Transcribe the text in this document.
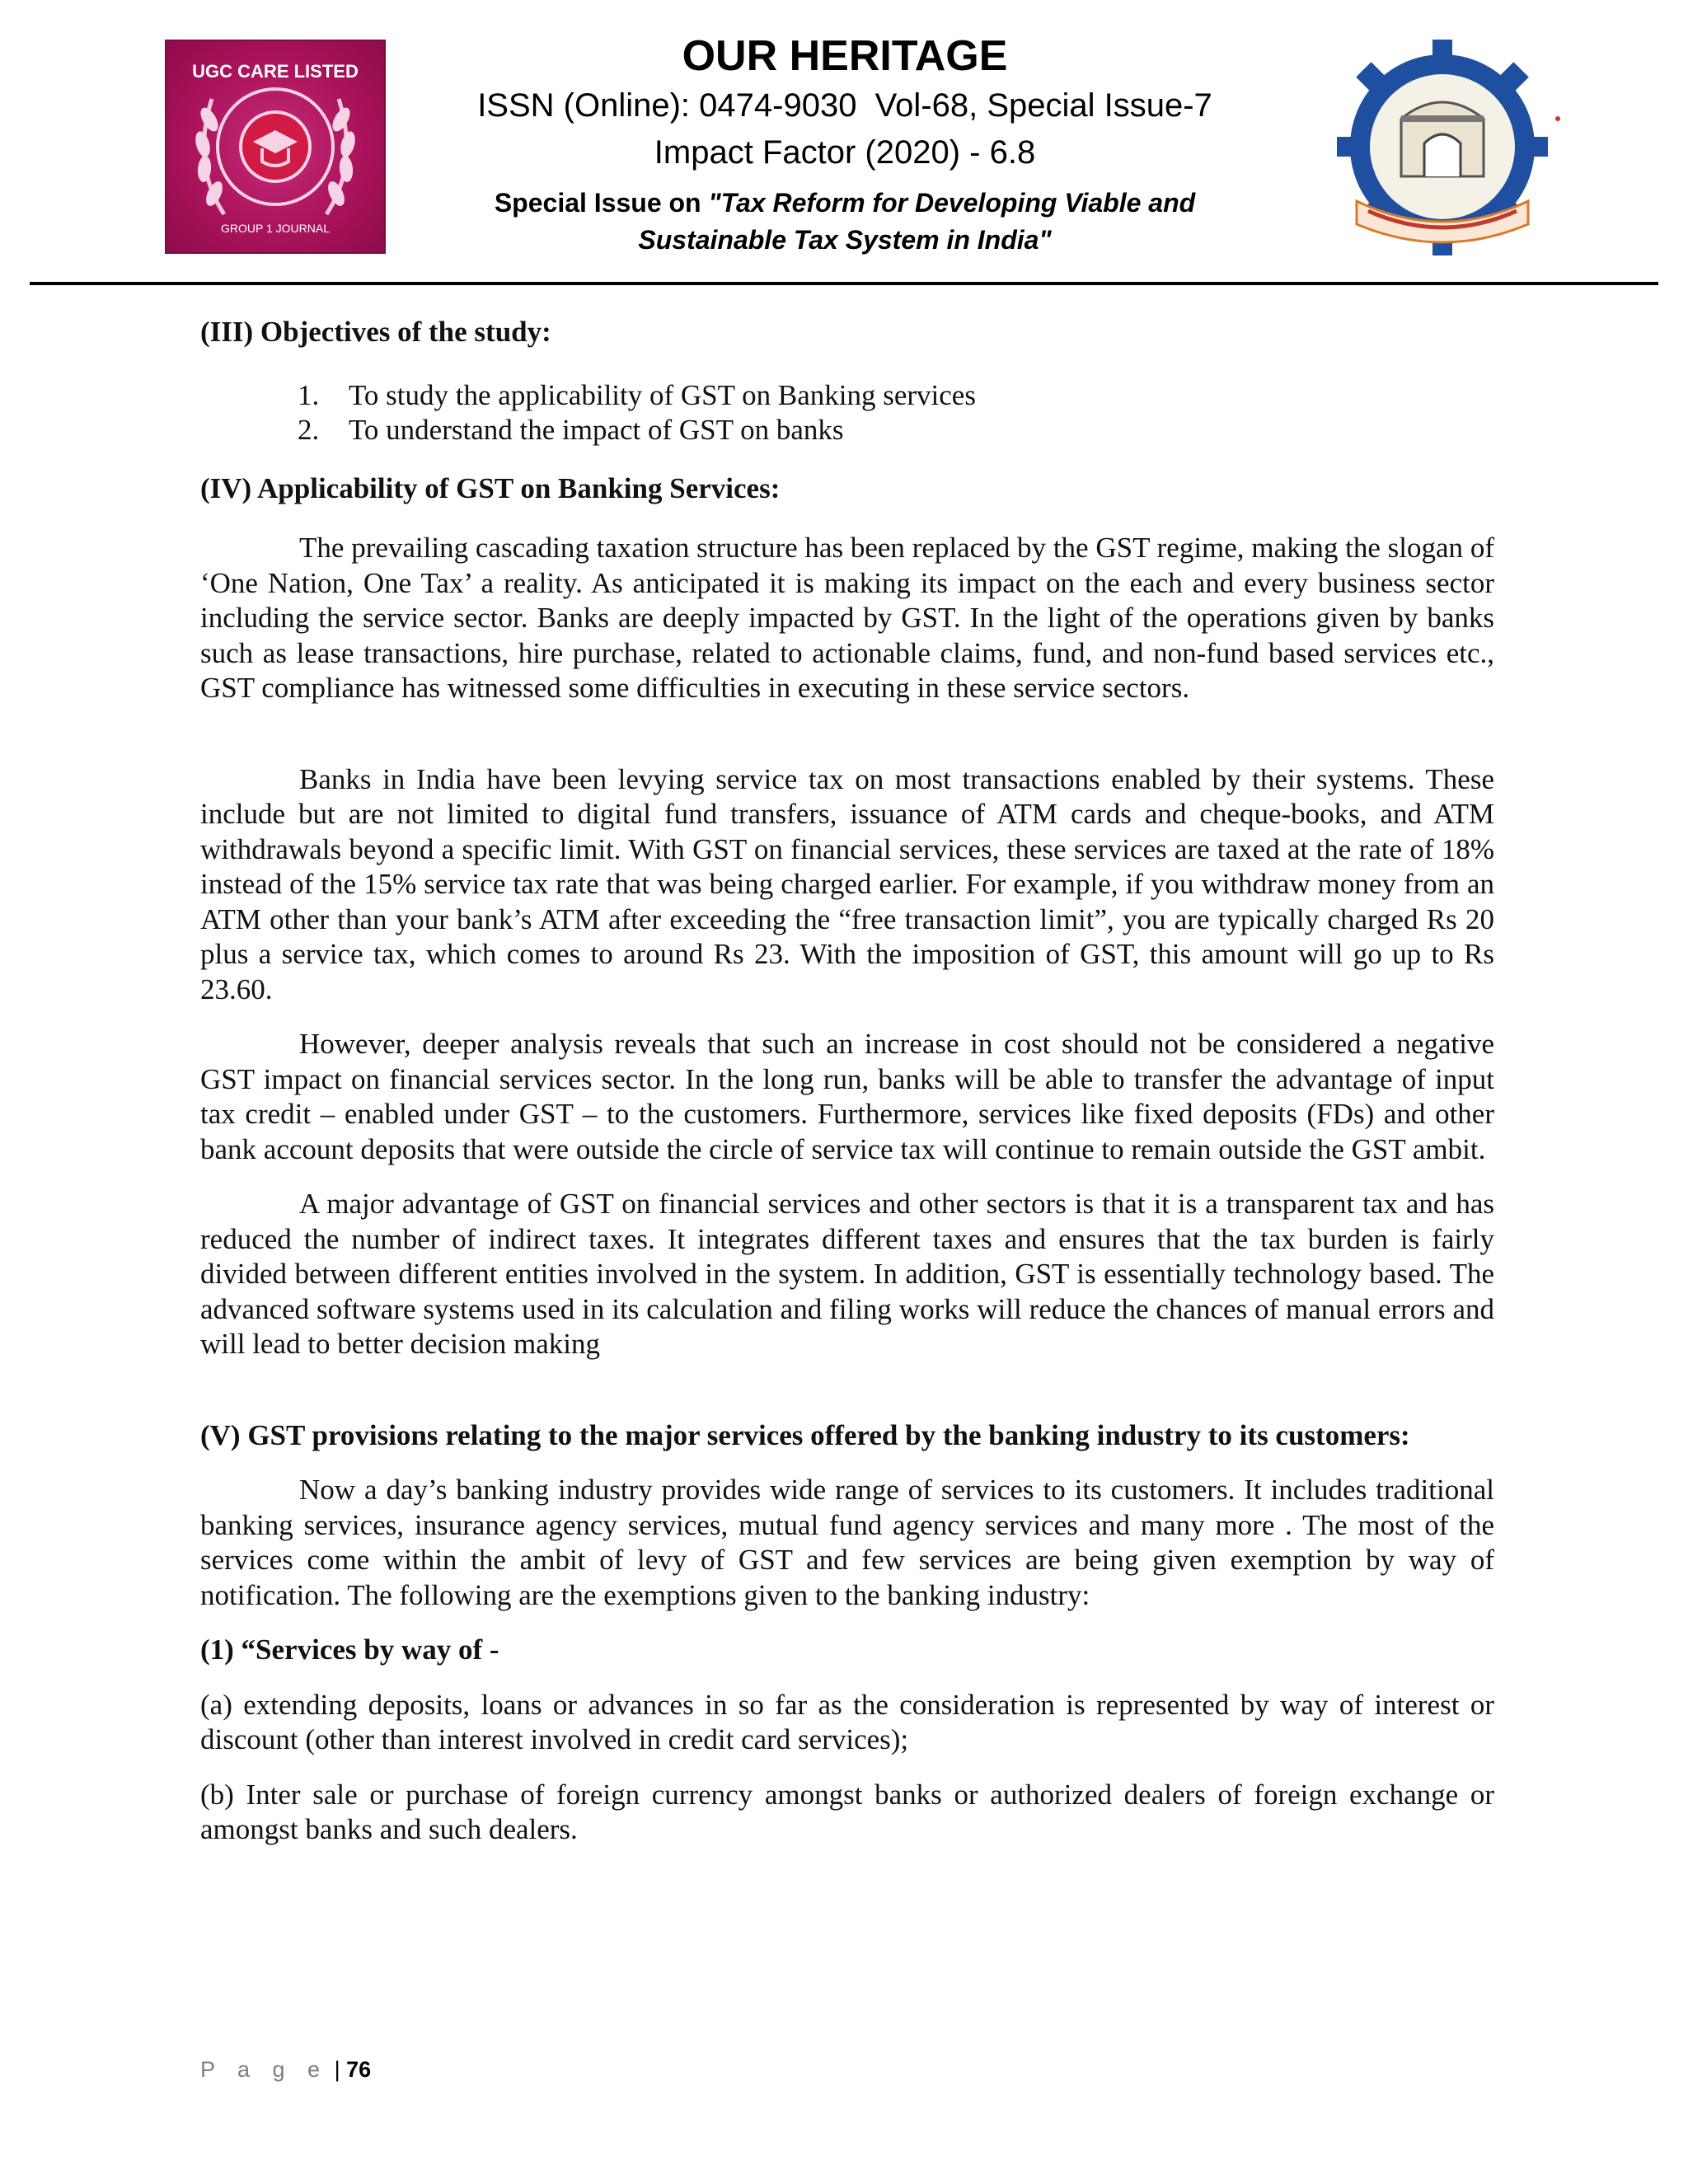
UGC CARE LISTED
GROUP 1 JOURNAL
OUR HERITAGE
ISSN (Online): 0474-9030  Vol-68, Special Issue-7
Impact Factor (2020) - 6.8
Special Issue on "Tax Reform for Developing Viable and
Sustainable Tax System in India"
(III) Objectives of the study:
1. To study the applicability of GST on Banking services
2. To understand the impact of GST on banks
(IV) Applicability of GST on Banking Services:

The prevailing cascading taxation structure has been replaced by the GST regime, making the slogan of ‘One Nation, One Tax’ a reality. As anticipated it is making its impact on the each and every business sector including the service sector. Banks are deeply impacted by GST. In the light of the operations given by banks such as lease transactions, hire purchase, related to actionable claims, fund, and non-fund based services etc., GST compliance has witnessed some difficulties in executing in these service sectors.

Banks in India have been levying service tax on most transactions enabled by their systems. These include but are not limited to digital fund transfers, issuance of ATM cards and cheque-books, and ATM withdrawals beyond a specific limit. With GST on financial services, these services are taxed at the rate of 18% instead of the 15% service tax rate that was being charged earlier. For example, if you withdraw money from an ATM other than your bank’s ATM after exceeding the “free transaction limit”, you are typically charged Rs 20 plus a service tax, which comes to around Rs 23. With the imposition of GST, this amount will go up to Rs 23.60.

However, deeper analysis reveals that such an increase in cost should not be considered a negative GST impact on financial services sector. In the long run, banks will be able to transfer the advantage of input tax credit – enabled under GST – to the customers. Furthermore, services like fixed deposits (FDs) and other bank account deposits that were outside the circle of service tax will continue to remain outside the GST ambit.

A major advantage of GST on financial services and other sectors is that it is a transparent tax and has reduced the number of indirect taxes. It integrates different taxes and ensures that the tax burden is fairly divided between different entities involved in the system. In addition, GST is essentially technology based. The advanced software systems used in its calculation and filing works will reduce the chances of manual errors and will lead to better decision making

(V) GST provisions relating to the major services offered by the banking industry to its customers:

Now a day’s banking industry provides wide range of services to its customers. It includes traditional banking services, insurance agency services, mutual fund agency services and many more . The most of the services come within the ambit of levy of GST and few services are being given exemption by way of notification. The following are the exemptions given to the banking industry:

(1) “Services by way of -

(a) extending deposits, loans or advances in so far as the consideration is represented by way of interest or discount (other than interest involved in credit card services);

(b) Inter sale or purchase of foreign currency amongst banks or authorized dealers of foreign exchange or amongst banks and such dealers.

P a g e | 76
